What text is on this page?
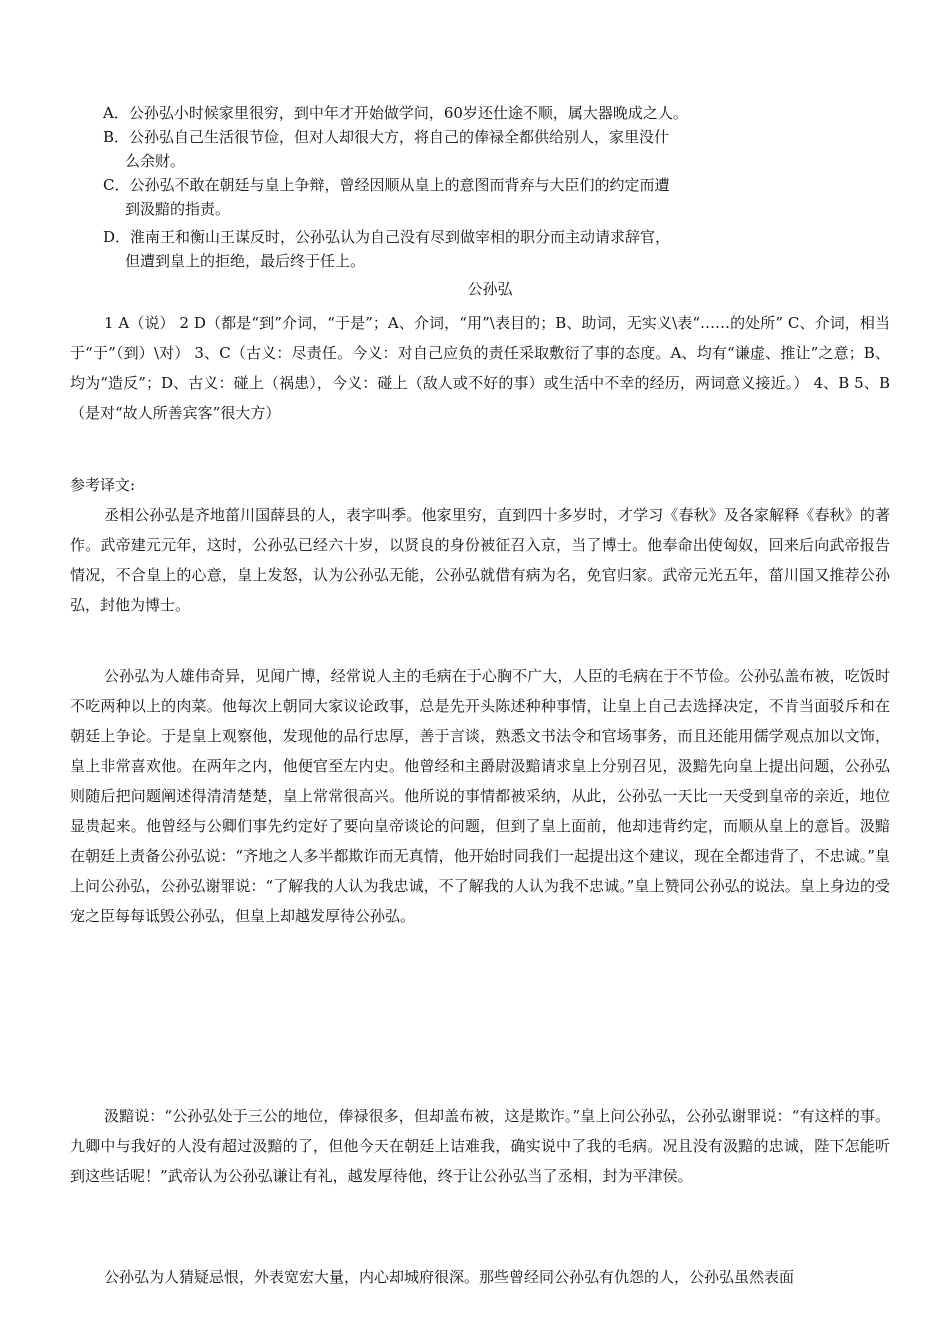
A．公孙弘小时候家里很穷，到中年才开始做学问，60岁还仕途不顺，属大器晚成之人。
B．公孙弘自己生活很节俭，但对人却很大方，将自己的俸禄全都供给别人，家里没什
么余财。
C．公孙弘不敢在朝廷与皇上争辩，曾经因顺从皇上的意图而背弃与大臣们的约定而遭
到汲黯的指责。
D．淮南王和衡山王谋反时，公孙弘认为自己没有尽到做宰相的职分而主动请求辞官，
但遭到皇上的拒绝，最后终于任上。
公孙弘
1 A（说） 2 D（都是“到”介词，“于是”；A、介词，“用”\表目的；B、助词，无实义\表“……的处所” C、介词，相当于“于”（到）\对） 3、C（古义：尽责任。今义：对自己应负的责任采取敷衍了事的态度。A、均有“谦虚、推让”之意；B、均为“造反”；D、古义：碰上（祸患），今义：碰上（敌人或不好的事）或生活中不幸的经历，两词意义接近。） 4、B 5、B（是对“故人所善宾客”很大方）
参考译文:
丞相公孙弘是齐地菑川国薛县的人，表字叫季。他家里穷，直到四十多岁时，才学习《春秋》及各家解释《春秋》的著作。武帝建元元年，这时，公孙弘已经六十岁，以贤良的身份被征召入京，当了博士。他奉命出使匈奴，回来后向武帝报告情况，不合皇上的心意，皇上发怒，认为公孙弘无能，公孙弘就借有病为名，免官归家。武帝元光五年，菑川国又推荐公孙弘，封他为博士。
公孙弘为人雄伟奇异，见闻广博，经常说人主的毛病在于心胸不广大，人臣的毛病在于不节俭。公孙弘盖布被，吃饭时不吃两种以上的肉菜。他每次上朝同大家议论政事，总是先开头陈述种种事情，让皇上自己去选择决定，不肯当面驳斥和在朝廷上争论。于是皇上观察他，发现他的品行忠厚，善于言谈，熟悉文书法令和官场事务，而且还能用儒学观点加以文饰，皇上非常喜欢他。在两年之内，他便官至左内史。他曾经和主爵尉汲黯请求皇上分别召见，汲黯先向皇上提出问题，公孙弘则随后把问题阐述得清清楚楚，皇上常常很高兴。他所说的事情都被采纳，从此，公孙弘一天比一天受到皇帝的亲近，地位显贵起来。他曾经与公卿们事先约定好了要向皇帝谈论的问题，但到了皇上面前，他却违背约定，而顺从皇上的意旨。汲黯在朝廷上责备公孙弘说：“齐地之人多半都欺诈而无真情，他开始时同我们一起提出这个建议，现在全都违背了，不忠诚。”皇上问公孙弘，公孙弘谢罪说：“了解我的人认为我忠诚，不了解我的人认为我不忠诚。”皇上赞同公孙弘的说法。皇上身边的受宠之臣每每诋毁公孙弘，但皇上却越发厚待公孙弘。
汲黯说：“公孙弘处于三公的地位，俸禄很多，但却盖布被，这是欺诈。”皇上问公孙弘，公孙弘谢罪说：“有这样的事。九卿中与我好的人没有超过汲黯的了，但他今天在朝廷上诘难我，确实说中了我的毛病。况且没有汲黯的忠诚，陛下怎能听到这些话呢！”武帝认为公孙弘谦让有礼，越发厚待他，终于让公孙弘当了丞相，封为平津侯。
公孙弘为人猜疑忌恨，外表宽宏大量，内心却城府很深。那些曾经同公孙弘有仇怨的人，公孙弘虽然表面
